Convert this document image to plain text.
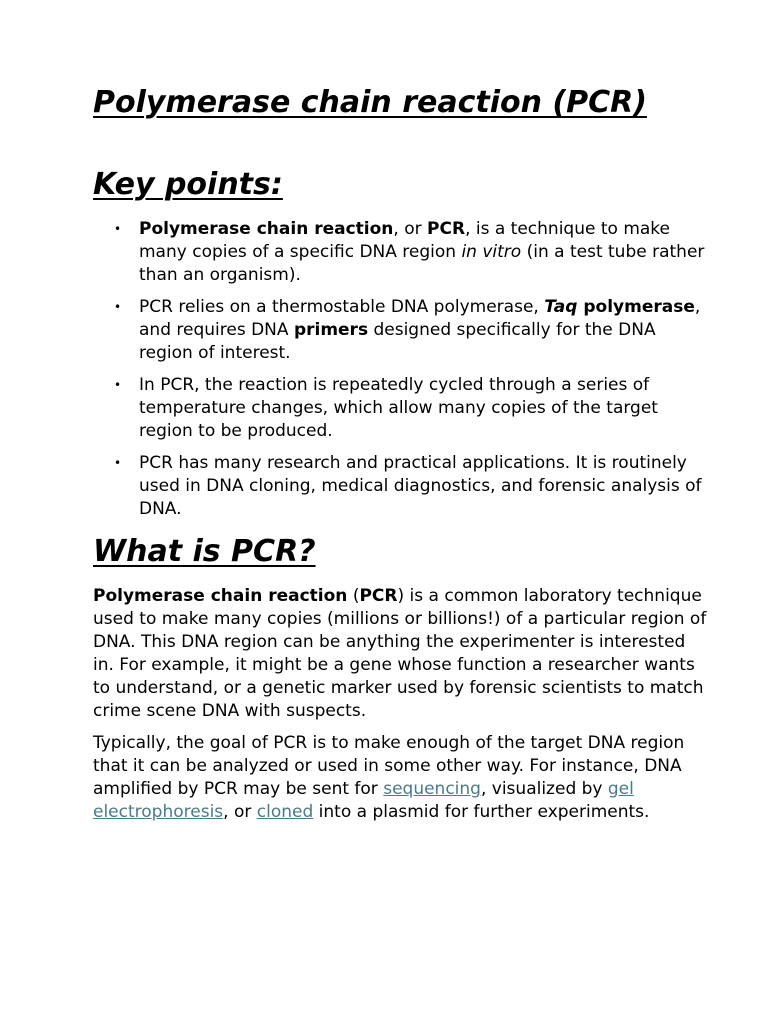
Polymerase chain reaction (PCR)
Key points:
• Polymerase chain reaction, or PCR, is a technique to make many copies of a specific DNA region in vitro (in a test tube rather than an organism).
• PCR relies on a thermostable DNA polymerase, Taq polymerase, and requires DNA primers designed specifically for the DNA region of interest.
• In PCR, the reaction is repeatedly cycled through a series of temperature changes, which allow many copies of the target region to be produced.
• PCR has many research and practical applications. It is routinely used in DNA cloning, medical diagnostics, and forensic analysis of DNA.
What is PCR?

Polymerase chain reaction (PCR) is a common laboratory technique used to make many copies (millions or billions!) of a particular region of DNA. This DNA region can be anything the experimenter is interested in. For example, it might be a gene whose function a researcher wants to understand, or a genetic marker used by forensic scientists to match crime scene DNA with suspects.

Typically, the goal of PCR is to make enough of the target DNA region that it can be analyzed or used in some other way. For instance, DNA amplified by PCR may be sent for sequencing, visualized by gel electrophoresis, or cloned into a plasmid for further experiments.
